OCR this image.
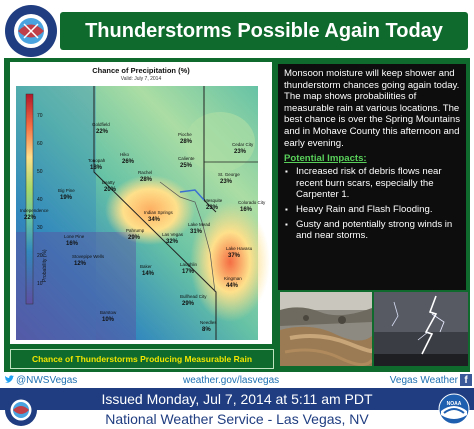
Thunderstorms Possible Again Today
70
60
50
40
30
20
10
Probability (%)
Goldfield
22%
Tonopah
18%
Hiko
26%
Rachel
28%
Pioche
28%
Caliente
25%
Cedar City
23%
St. George
23%
Beatty
20%
Indian Springs
34%
Mesquite
23%
Colorado City
16%
Independence
22%
Pahrump
29%
Las Vegas
32%
Lake Havasu
37%
Baker
14%
Kingman
44%
Barstow
10%	Needles
8%
Bullhead City
29%
Laughlin
17%
Lake Mead
31%
Stovepipe Wells
12%
Big Pine
19%
Lone Pine
16%
Chance of Precipitation (%)
Valid: July 7, 2014
Chance of Thunderstorms Producing Measurable Rain
Monsoon moisture will keep shower and thunderstorm chances going again today. The map shows probabilities of measurable rain at various locations. The best chance is over the Spring Mountains and in Mohave County this afternoon and early evening.
Potential Impacts:
▪ Increased risk of debris flows near recent burn scars, especially the Carpenter 1.
▪ Heavy Rain and Flash Flooding.
▪ Gusty and potentially strong winds in and near storms.
@NWSVegas	weather.gov/lasvegas	Vegas Weather f
Issued Monday, Jul 7, 2014 at 5:11 am PDT
National Weather Service - Las Vegas, NV
NOAA
